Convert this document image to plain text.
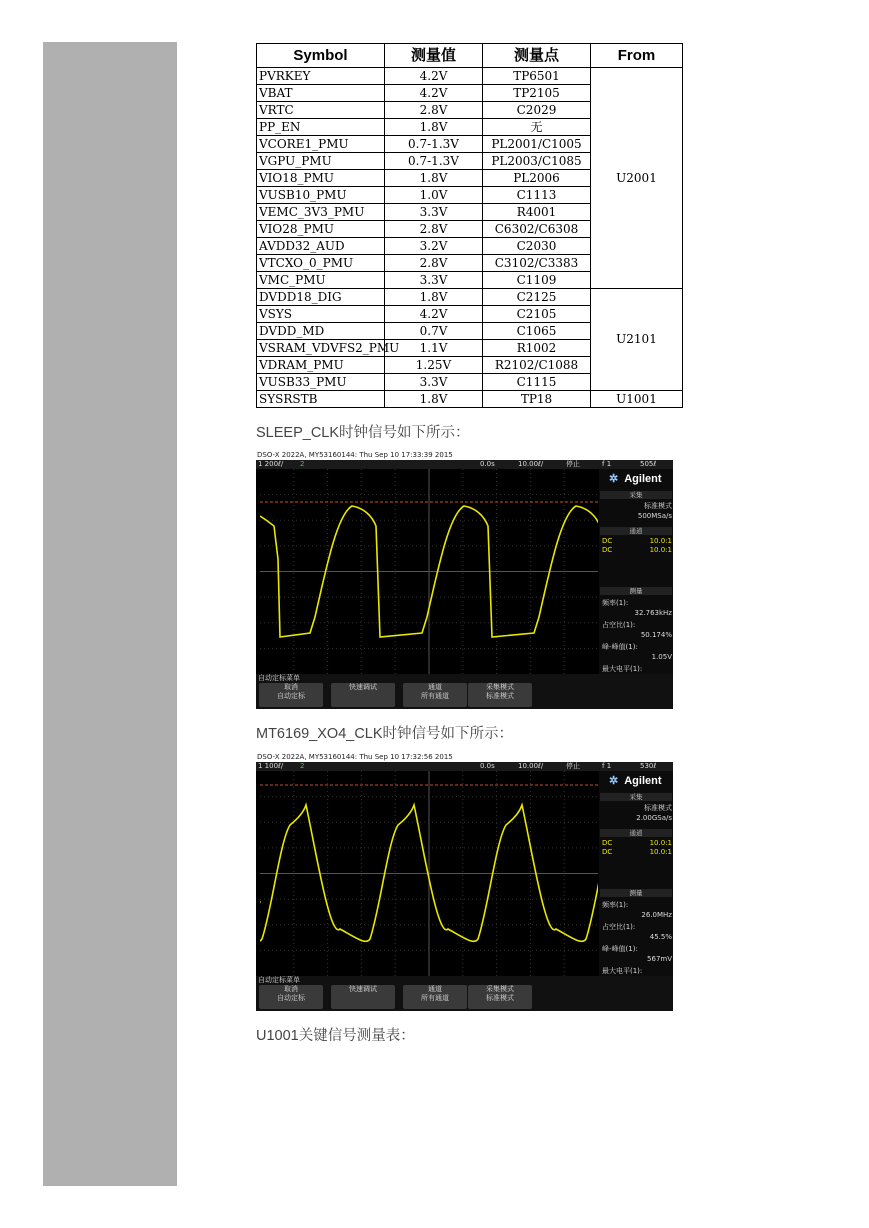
Symbol	测量值	测量点	From
PVRKEY	4.2V	TP6501	U2001
VBAT	4.2V	TP2105	
VRTC	2.8V	C2029	
PP_EN	1.8V	无	
VCORE1_PMU	0.7-1.3V	PL2001/C1005	
VGPU_PMU	0.7-1.3V	PL2003/C1085	
VIO18_PMU	1.8V	PL2006	
VUSB10_PMU	1.0V	C1113	
VEMC_3V3_PMU	3.3V	R4001	
VIO28_PMU	2.8V	C6302/C6308	
AVDD32_AUD	3.2V	C2030	
VTCXO_0_PMU	2.8V	C3102/C3383	
VMC_PMU	3.3V	C1109	
DVDD18_DIG	1.8V	C2125	U2101
VSYS	4.2V	C2105	
DVDD_MD	0.7V	C1065	
VSRAM_VDVFS2_PMU	1.1V	R1002	
VDRAM_PMU	1.25V	R2102/C1088	
VUSB33_PMU	3.3V	C1115	
SYSRSTB	1.8V	TP18	U1001
SLEEP_CLK时钟信号如下所示：
DSO-X 2022A, MY53160144: Thu Sep 10 17:33:39 2015
1 200ℓ/ 2	0.0s	10.00ℓ/	停止	f 1	505ℓ
✲ Agilent
采集
标准模式
500MSa/s
通道
DC	10.0:1
DC	10.0:1
测量
频率(1):
32.763kHz
占空比(1):
50.174%
峰-峰值(1):
1.05V
最大电平(1):
自动定标菜单
取消
自动定标
快速调试	通道
所有通道
采集模式
标准模式
MT6169_XO4_CLK时钟信号如下所示：
DSO-X 2022A, MY53160144: Thu Sep 10 17:32:56 2015
1 100ℓ/ 2	0.0s	10.00ℓ/	停止	f 1	530ℓ
✲ Agilent
采集
标准模式
2.00GSa/s
通道
DC	10.0:1
DC	10.0:1
测量
频率(1):
26.0MHz
占空比(1):
45.5%
峰-峰值(1):
567mV
最大电平(1):
自动定标菜单
取消
自动定标
快速调试	通道
所有通道
采集模式
标准模式
U1001关键信号测量表：
